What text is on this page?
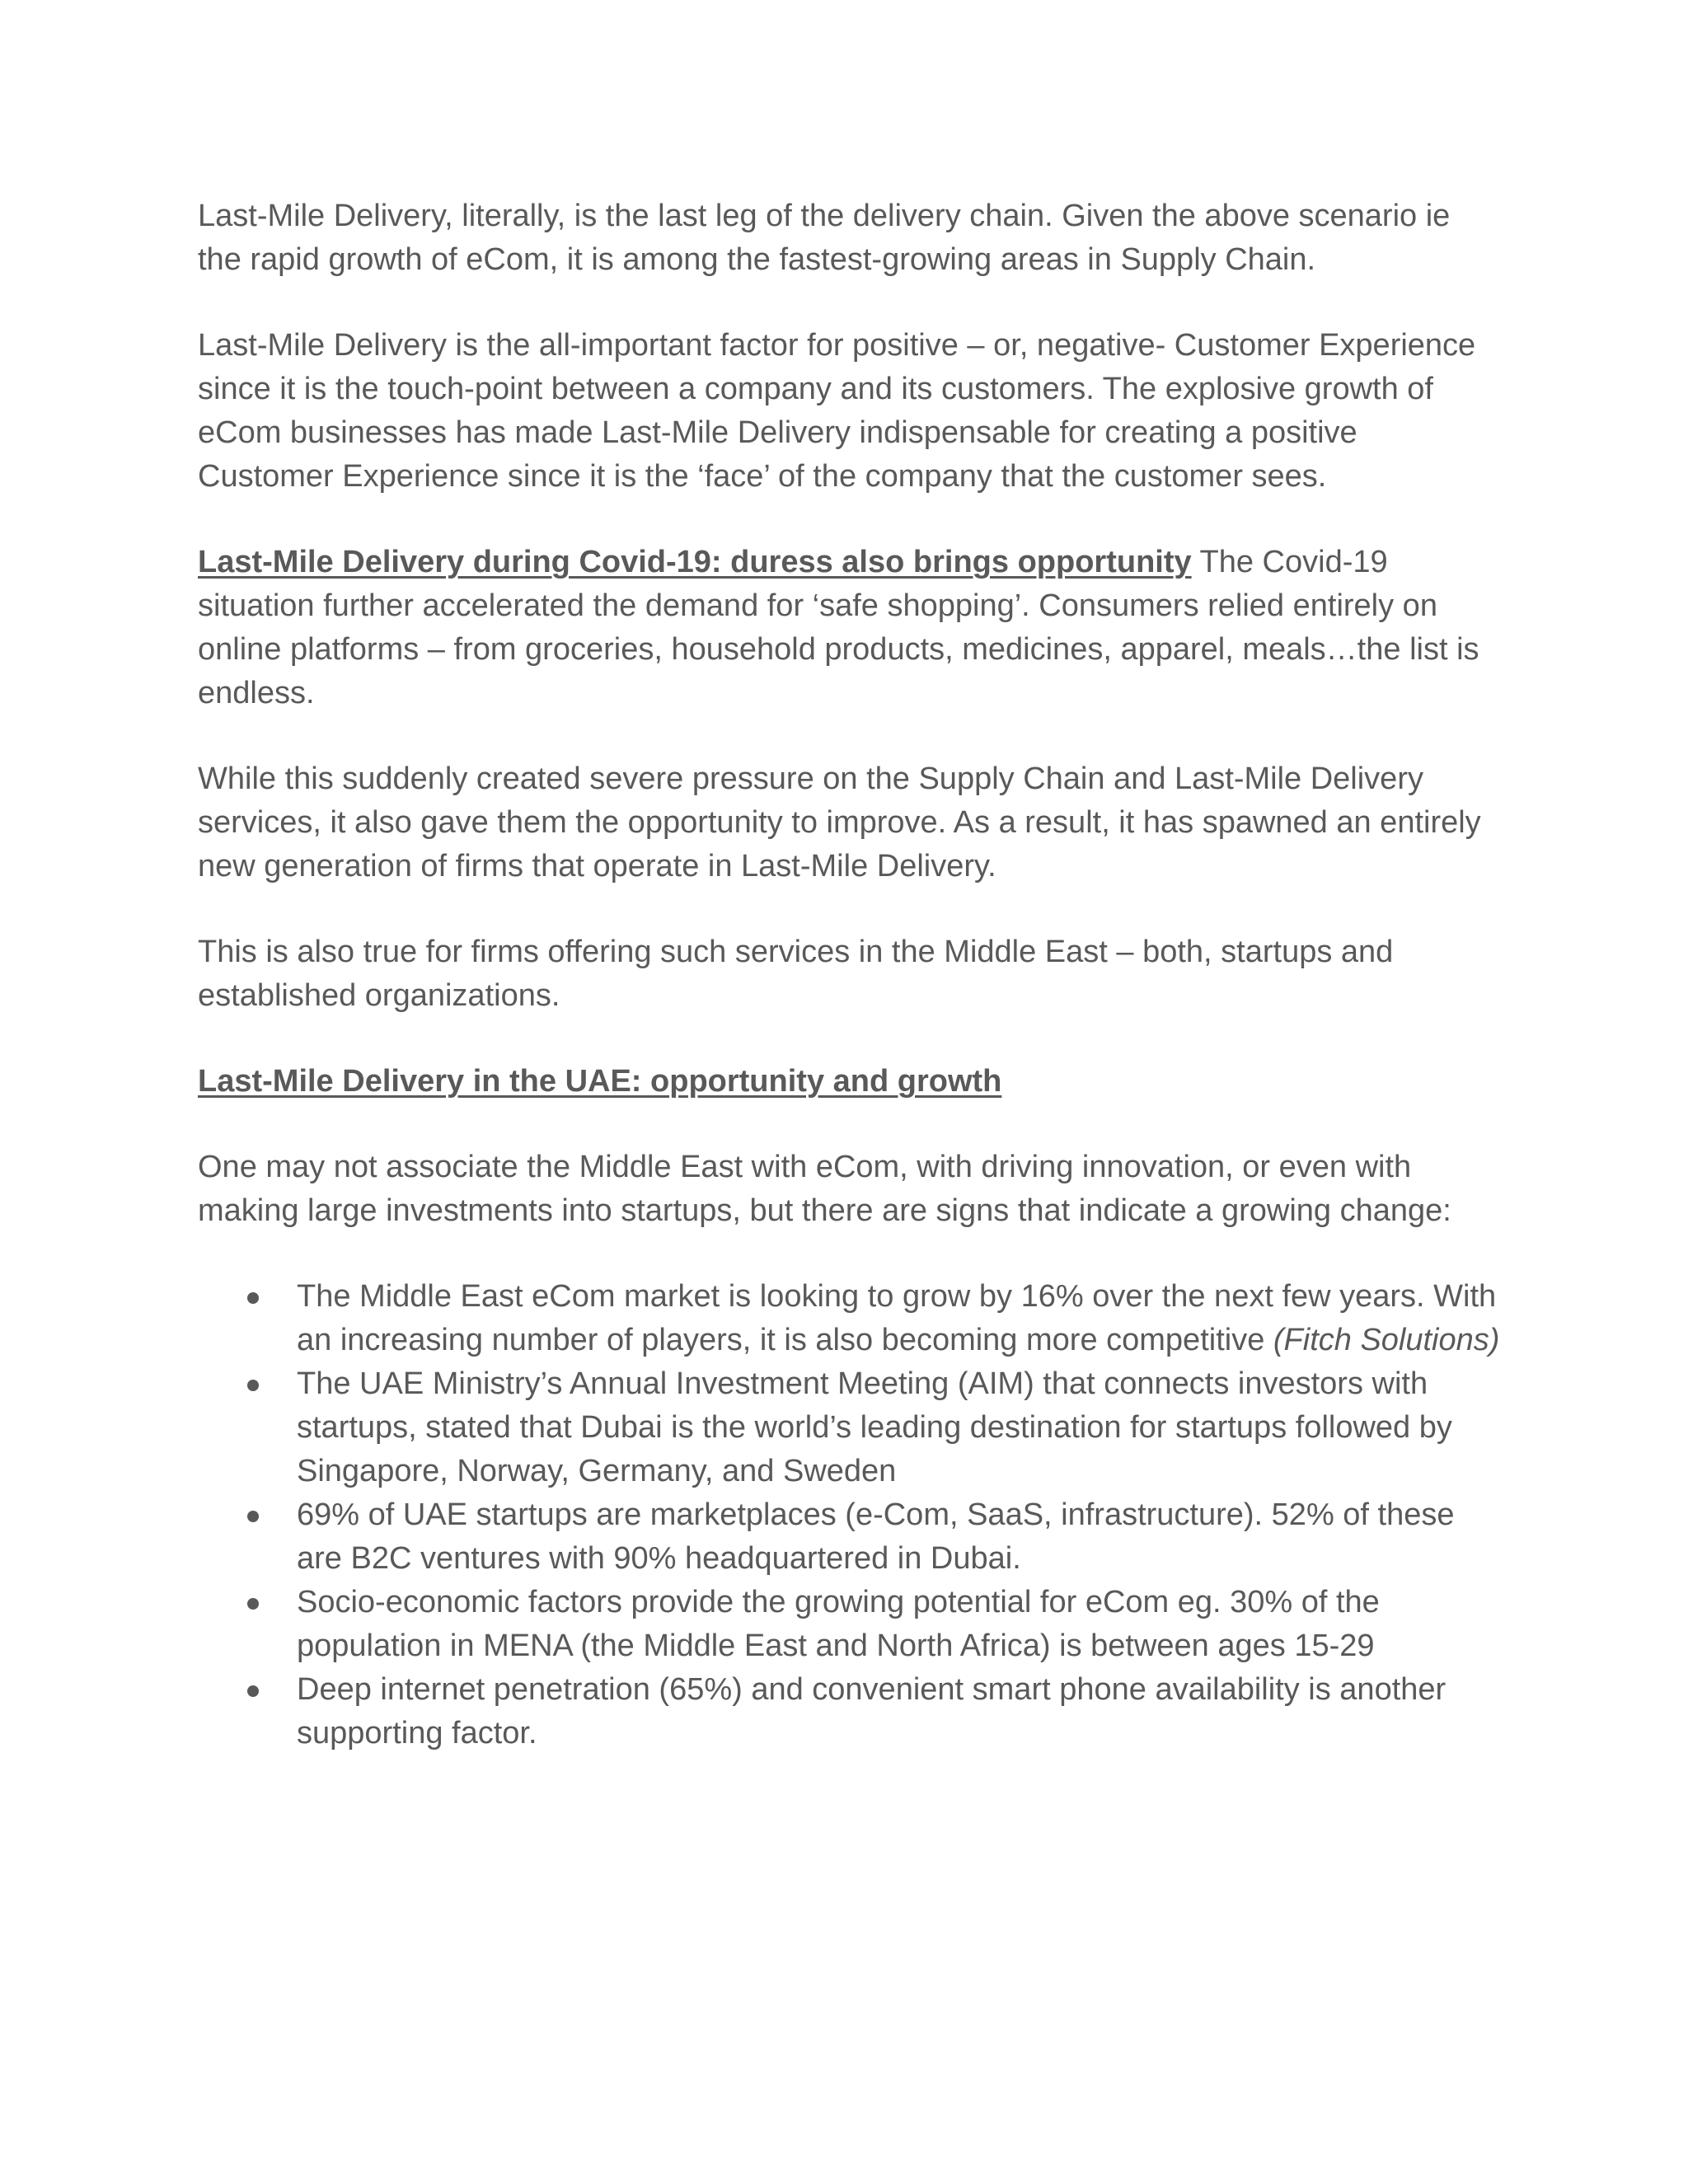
Last-Mile Delivery, literally, is the last leg of the delivery chain. Given the above scenario ie the rapid growth of eCom, it is among the fastest-growing areas in Supply Chain.

Last-Mile Delivery is the all-important factor for positive – or, negative- Customer Experience since it is the touch-point between a company and its customers. The explosive growth of eCom businesses has made Last-Mile Delivery indispensable for creating a positive Customer Experience since it is the ‘face’ of the company that the customer sees.

Last-Mile Delivery during Covid-19: duress also brings opportunity The Covid-19 situation further accelerated the demand for ‘safe shopping’. Consumers relied entirely on online platforms – from groceries, household products, medicines, apparel, meals…the list is endless.

While this suddenly created severe pressure on the Supply Chain and Last-Mile Delivery services, it also gave them the opportunity to improve. As a result, it has spawned an entirely new generation of firms that operate in Last-Mile Delivery.

This is also true for firms offering such services in the Middle East – both, startups and established organizations.

Last-Mile Delivery in the UAE: opportunity and growth

One may not associate the Middle East with eCom, with driving innovation, or even with making large investments into startups, but there are signs that indicate a growing change:

The Middle East eCom market is looking to grow by 16% over the next few years. With an increasing number of players, it is also becoming more competitive (Fitch Solutions)
The UAE Ministry’s Annual Investment Meeting (AIM) that connects investors with startups, stated that Dubai is the world’s leading destination for startups followed by Singapore, Norway, Germany, and Sweden
69% of UAE startups are marketplaces (e-Com, SaaS, infrastructure). 52% of these are B2C ventures with 90% headquartered in Dubai.
Socio-economic factors provide the growing potential for eCom eg. 30% of the population in MENA (the Middle East and North Africa) is between ages 15-29
Deep internet penetration (65%) and convenient smart phone availability is another supporting factor.
